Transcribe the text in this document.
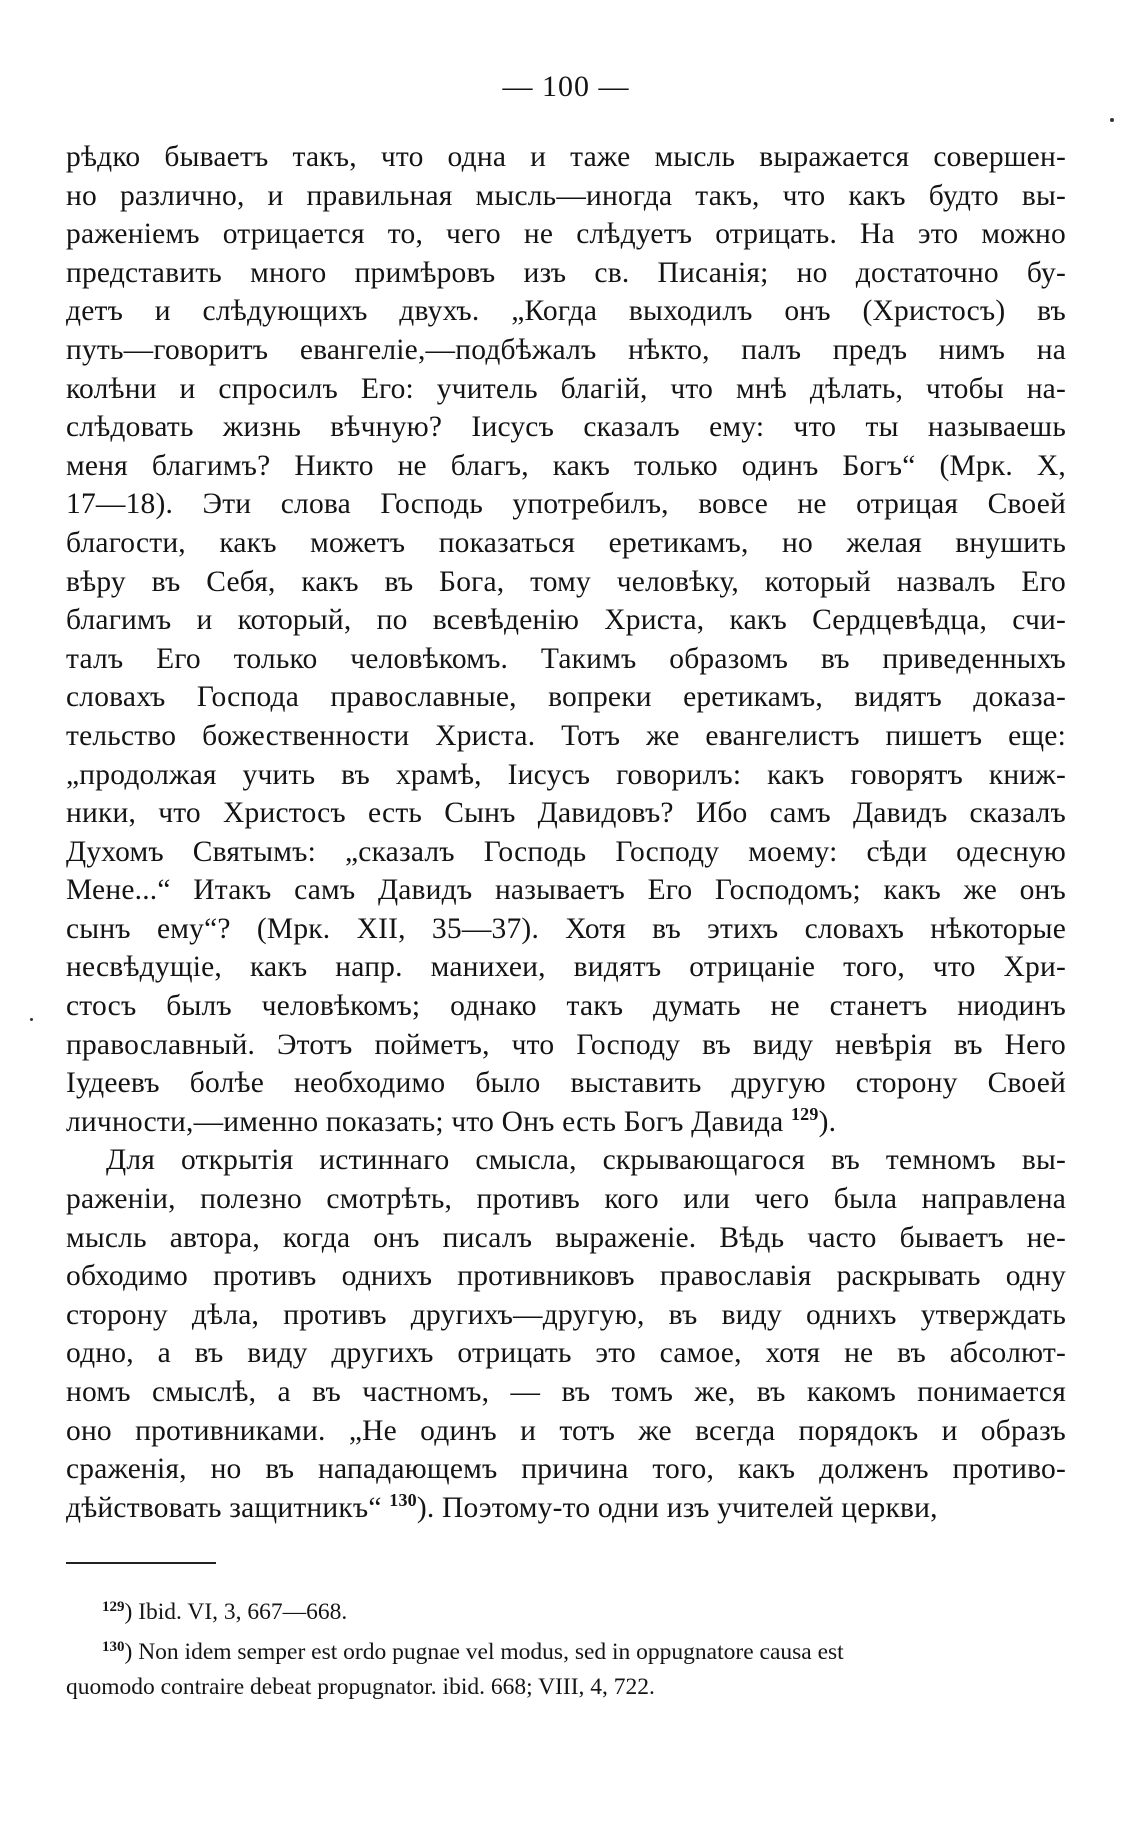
— 100 —
рѣдко бываетъ такъ, что одна и таже мысль выражается совершен-
но различно, и правильная мысль—иногда такъ, что какъ будто вы-
раженіемъ отрицается то, чего не слѣдуетъ отрицать. На это можно
представить много примѣровъ изъ св. Писанія; но достаточно бу-
детъ и слѣдующихъ двухъ. „Когда выходилъ онъ (Христосъ) въ
путь—говоритъ евангеліе,—подбѣжалъ нѣкто, палъ предъ нимъ на
колѣни и спросилъ Его: учитель благій, что мнѣ дѣлать, чтобы на-
слѣдовать жизнь вѣчную? Іисусъ сказалъ ему: что ты называешь
меня благимъ? Никто не благъ, какъ только одинъ Богъ“ (Мрк. X,
17—18). Эти слова Господь употребилъ, вовсе не отрицая Своей
благости, какъ можетъ показаться еретикамъ, но желая внушить
вѣру въ Себя, какъ въ Бога, тому человѣку, который назвалъ Его
благимъ и который, по всевѣденію Христа, какъ Сердцевѣдца, счи-
талъ Его только человѣкомъ. Такимъ образомъ въ приведенныхъ
словахъ Господа православные, вопреки еретикамъ, видятъ доказа-
тельство божественности Христа. Тотъ же евангелистъ пишетъ еще:
„продолжая учить въ храмѣ, Іисусъ говорилъ: какъ говорятъ книж-
ники, что Христосъ есть Сынъ Давидовъ? Ибо самъ Давидъ сказалъ
Духомъ Святымъ: „сказалъ Господь Господу моему: сѣди одесную
Мене...“ Итакъ самъ Давидъ называетъ Его Господомъ; какъ же онъ
сынъ ему“? (Мрк. XII, 35—37). Хотя въ этихъ словахъ нѣкоторые
несвѣдущіе, какъ напр. манихеи, видятъ отрицаніе того, что Хри-
стосъ былъ человѣкомъ; однако такъ думать не станетъ ниодинъ
православный. Этотъ пойметъ, что Господу въ виду невѣрія въ Него
Іудеевъ болѣе необходимо было выставить другую сторону Своей
личности,—именно показать; что Онъ есть Богъ Давида $^{129}$).
Для открытія истиннаго смысла, скрывающагося въ темномъ вы-
раженіи, полезно смотрѣть, противъ кого или чего была направлена
мысль автора, когда онъ писалъ выраженіе. Вѣдь часто бываетъ не-
обходимо противъ однихъ противниковъ православія раскрывать одну
сторону дѣла, противъ другихъ—другую, въ виду однихъ утверждать
одно, а въ виду другихъ отрицать это самое, хотя не въ абсолют-
номъ смыслѣ, а въ частномъ, — въ томъ же, въ какомъ понимается
оно противниками. „Не одинъ и тотъ же всегда порядокъ и образъ
сраженія, но въ нападающемъ причина того, какъ долженъ противо-
дѣйствовать защитникъ“ $^{130}$). Поэтому-то одни изъ учителей церкви,
$^{129}$) Ibid. VI, 3, 667—668.
$^{130}$) Non idem semper est ordo pugnae vel modus, sed in oppugnatore causa est
quomodo contraire debeat propugnator. ibid. 668; VIII, 4, 722.
